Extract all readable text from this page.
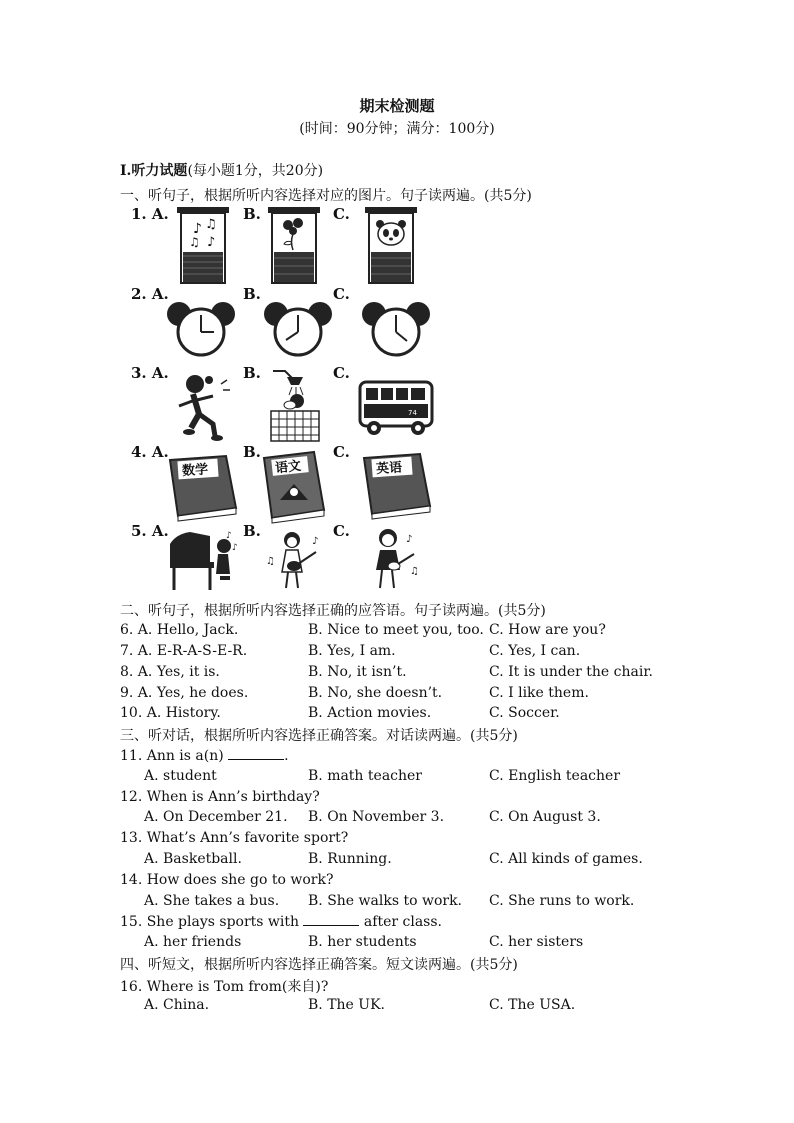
期末检测题
(时间：90分钟；满分：100分)
Ⅰ.听力试题(每小题1分，共20分)
一、听句子，根据所听内容选择对应的图片。句子读两遍。(共5分)
1. A.	B.	C.
♪ ♫
♫ ♪
2. A.	B.	C.
3. A.	B.	C.
74
4. A.	B.	C.
数学	语文	英语
5. A.	B.	C.
♪
♪
♫
♪	♪
♫
二、听句子，根据所听内容选择正确的应答语。句子读两遍。(共5分)
6. A. Hello, Jack.	B. Nice to meet you, too. C. How are you?
7. A. E-R-A-S-E-R.	B. Yes, I am.	C. Yes, I can.
8. A. Yes, it is.	B. No, it isn’t.	C. It is under the chair.
9. A. Yes, he does.	B. No, she doesn’t.	C. I like them.
10. A. History.	B. Action movies.	C. Soccer.
三、听对话，根据所听内容选择正确答案。对话读两遍。(共5分)
11. Ann is a(n)	.
A. student	B. math teacher	C. English teacher
12. When is Ann’s birthday?
A. On December 21. B. On November 3.	C. On August 3.
13. What’s Ann’s favorite sport?
A. Basketball.	B. Running.	C. All kinds of games.
14. How does she go to work?
A. She takes a bus. B. She walks to work. C. She runs to work.
15. She plays sports with	after class.
A. her friends	B. her students	C. her sisters
四、听短文，根据所听内容选择正确答案。短文读两遍。(共5分)
16. Where is Tom from(来自)?
A. China.	B. The UK.	C. The USA.
